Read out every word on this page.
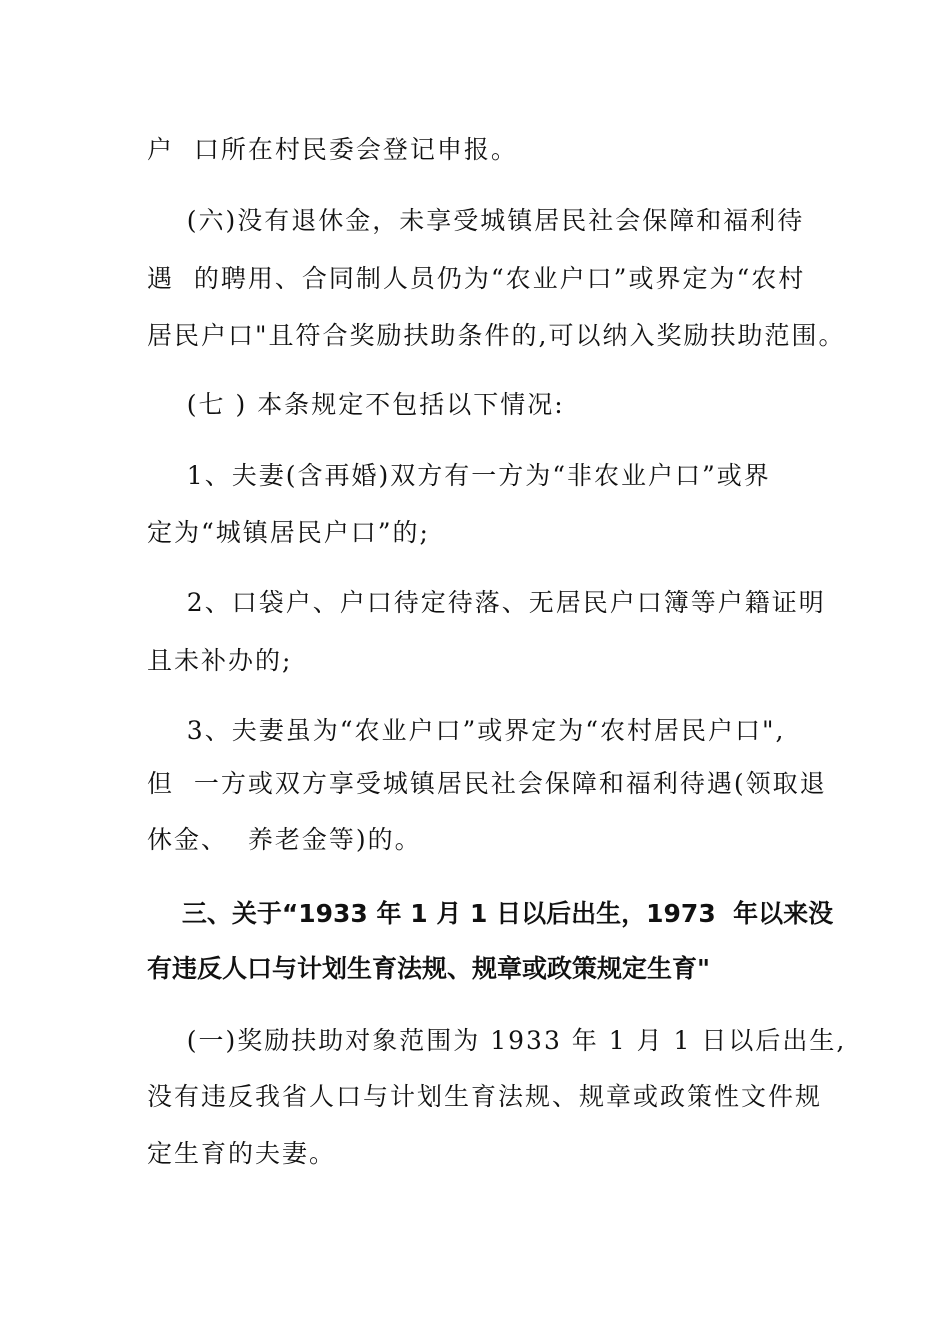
户  口所在村民委会登记申报。
(六)没有退休金，未享受城镇居民社会保障和福利待
遇  的聘用、合同制人员仍为“农业户口”或界定为“农村
居民户口"且符合奖励扶助条件的,可以纳入奖励扶助范围。
(七 ) 本条规定不包括以下情况:
1、夫妻(含再婚)双方有一方为“非农业户口”或界
定为“城镇居民户口”的;
2、口袋户、户口待定待落、无居民户口簿等户籍证明
且未补办的;
3、夫妻虽为“农业户口”或界定为“农村居民户口",
但  一方或双方享受城镇居民社会保障和福利待遇(领取退
休金、  养老金等)的。
三、关于“1933 年 1 月 1 日以后出生，1973  年以来没
有违反人口与计划生育法规、规章或政策规定生育"
(一)奖励扶助对象范围为 1933 年 1 月 1 日以后出生,
没有违反我省人口与计划生育法规、规章或政策性文件规
定生育的夫妻。
